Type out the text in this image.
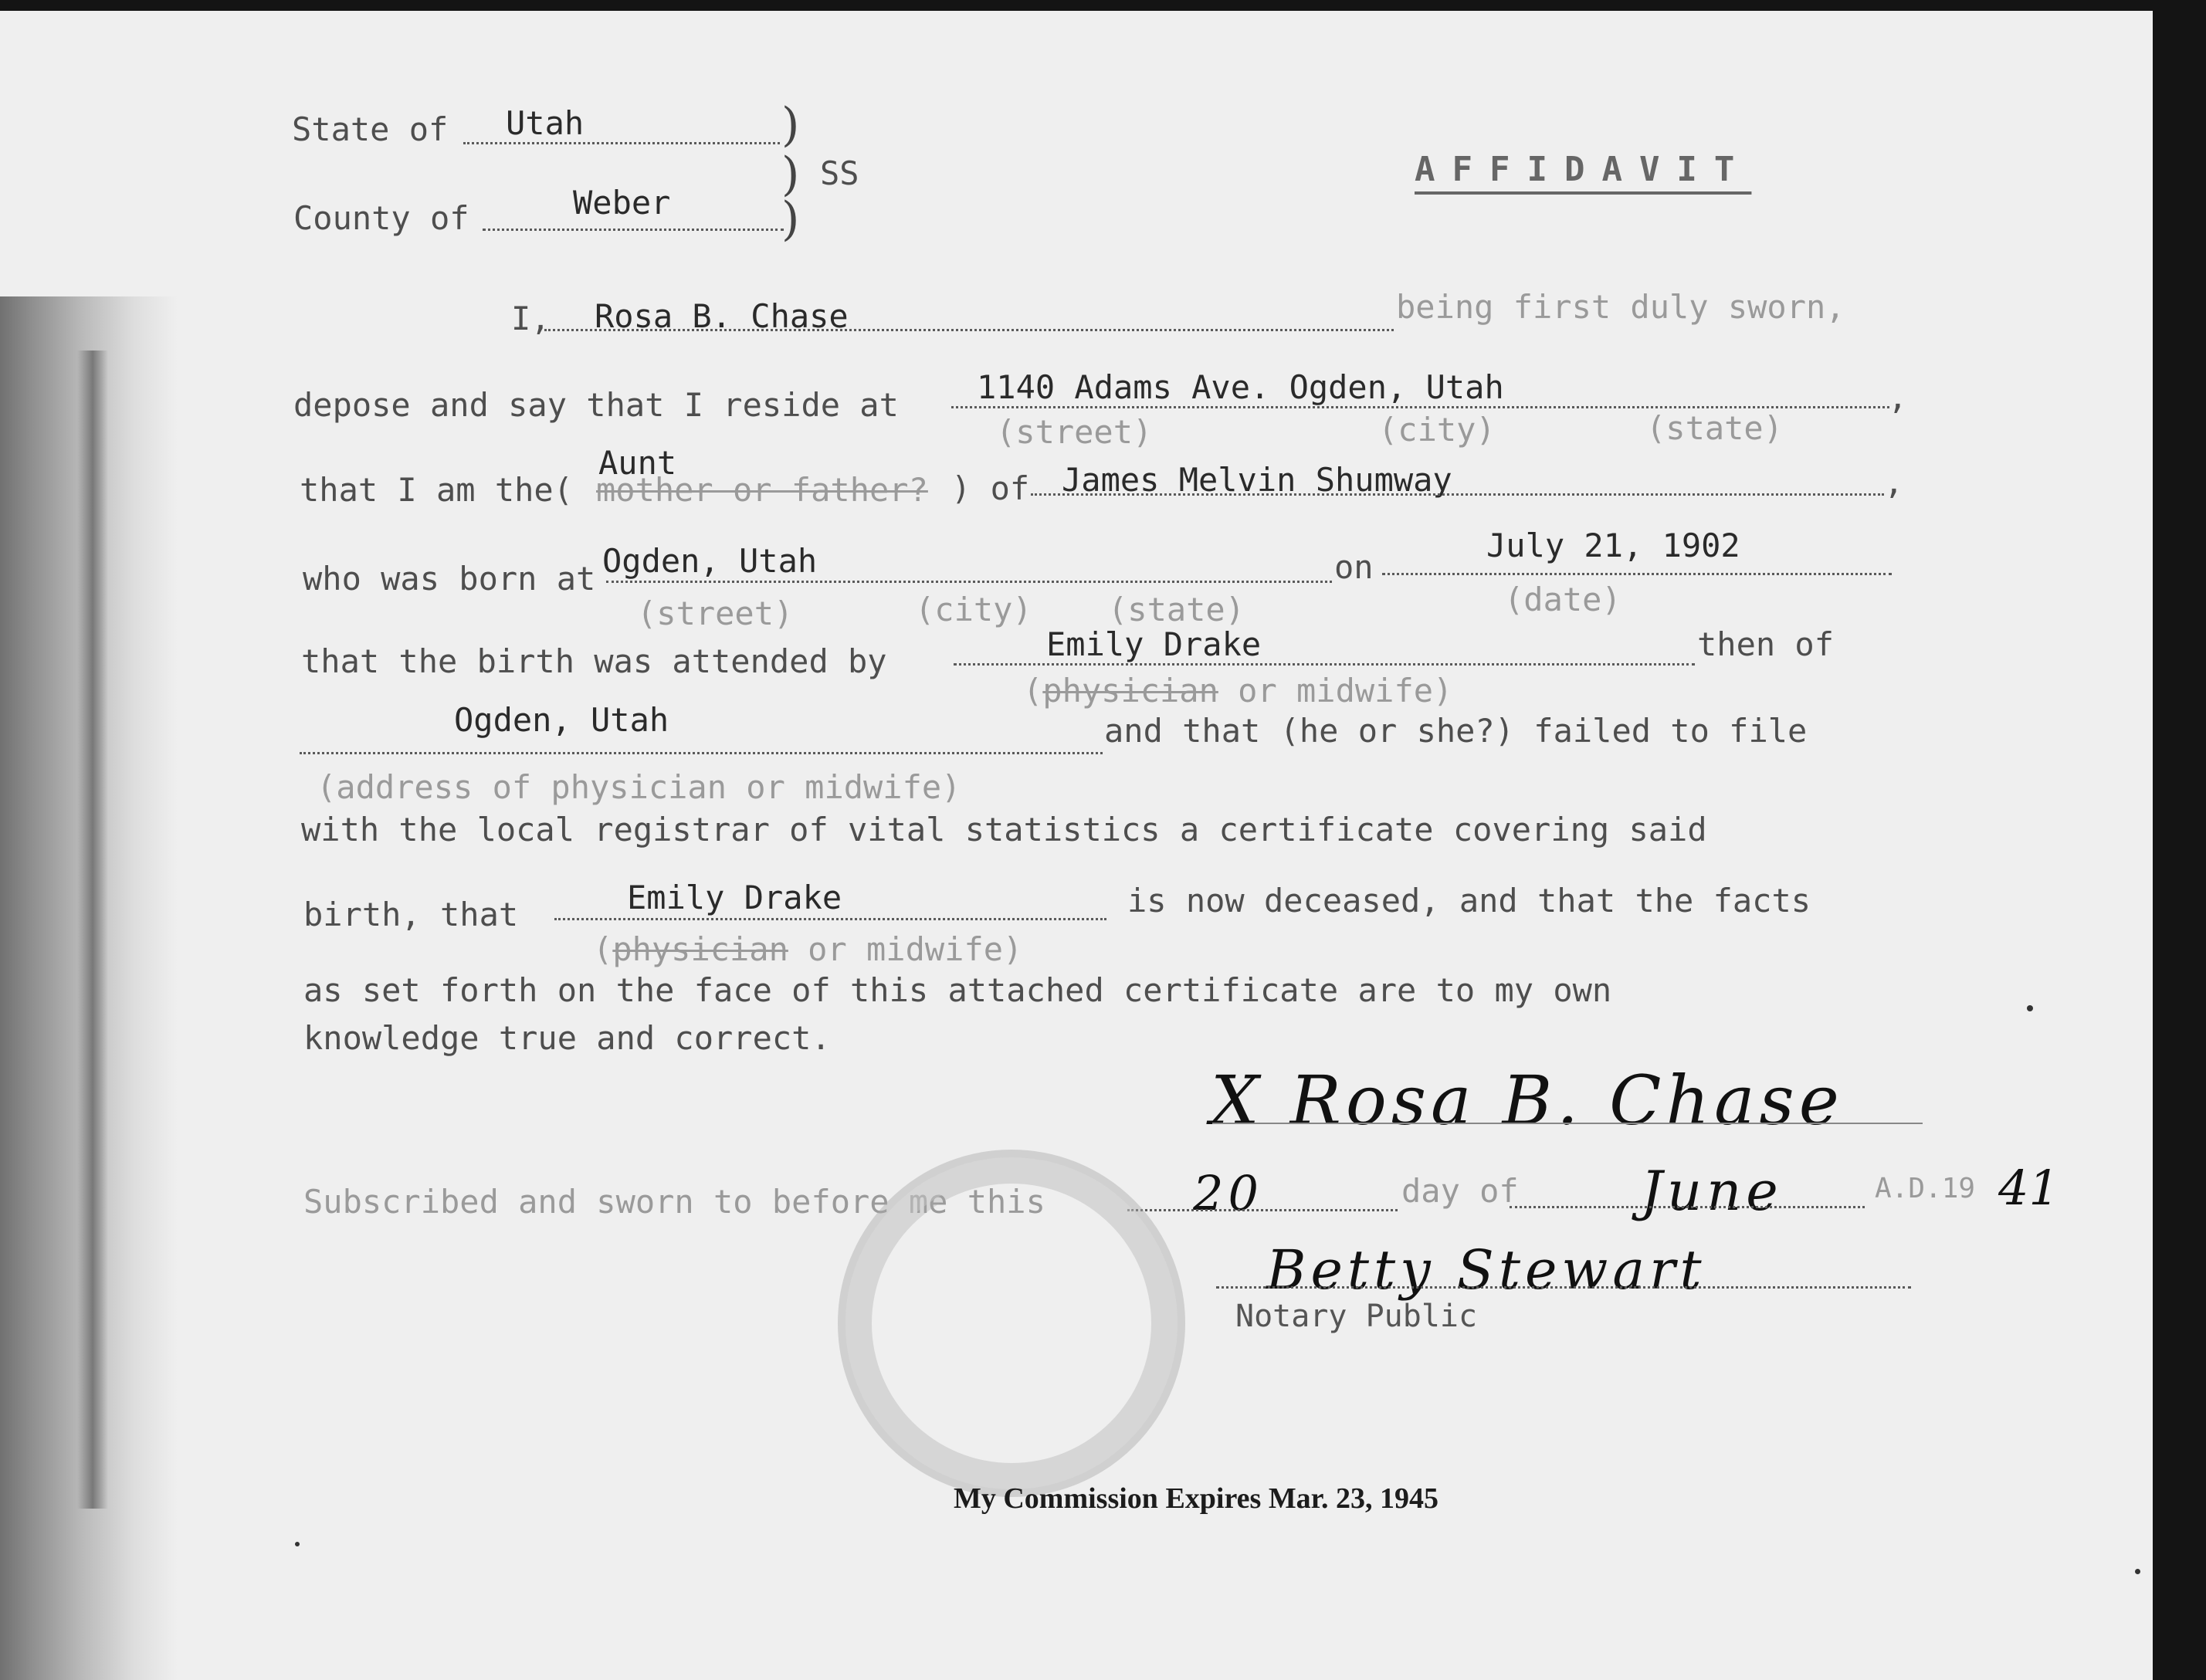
State of Utah	)
SS
)
County of	Weber )
AFFIDAVIT
I, Rosa B. Chase	being first duly sworn,
depose and say that I reside at 1140 Adams Ave. Ogden, Utah	,
(street)	(city)	(state)
that I am the(
Aunt
mother or father? ) of James Melvin Shumway	,
who was born at Ogden, Utah	on
July 21, 1902
(street)	(city) (state)	(date)
that the birth was attended by	Emily Drake	then of
(physician or midwife)
Ogden, Utah	and that (he or she?) failed to file
(address of physician or midwife)
with the local registrar of vital statistics a certificate covering said
birth, that	Emily Drake	is now deceased, and that the facts
(physician or midwife)
as set forth on the face of this attached certificate are to my own
knowledge true and correct.
X Rosa B. Chase
Subscribed and sworn to before me this	20	day of June	A.D.19 41
Betty Stewart
Notary Public
My Commission Expires Mar. 23, 1945
